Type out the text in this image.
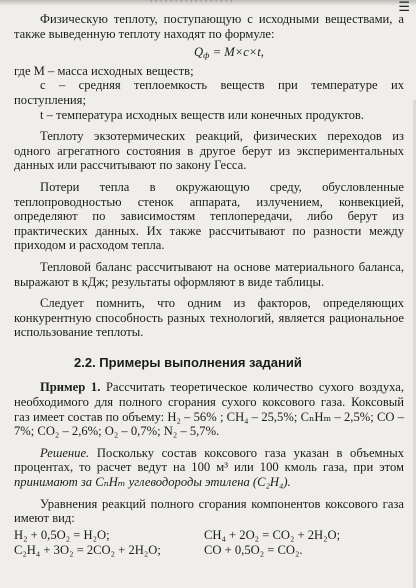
· · · · · · · · · · · · · · · · ·	☰

Физическую теплоту, поступающую с исходными веществами, а также выведенную теплоту находят по формуле:

$Q_ф = M\times c\times t$,

где M – масса исходных веществ;

c – средняя теплоемкость веществ при температуре их поступления;

t – температура исходных веществ или конечных продуктов.

Теплоту экзотермических реакций, физических переходов из одного агрегатного состояния в другое берут из экспериментальных данных или рассчитывают по закону Гесса.

Потери тепла в окружающую среду, обусловленные теплопроводностью стенок аппарата, излучением, конвекцией, определяют по зависимостям теплопередачи, либо берут из практических данных. Их также рассчитывают по разности между приходом и расходом тепла.

Тепловой баланс рассчитывают на основе материального баланса, выражают в кДж; результаты оформляют в виде таблицы.

Следует помнить, что одним из факторов, определяющих конкурентную способность разных технологий, является рациональное использование теплоты.

2.2. Примеры выполнения заданий

Пример 1. Рассчитать теоретическое количество сухого воздуха, необходимого для полного сгорания сухого коксового газа. Коксовый газ имеет состав по объему: H₂ – 56% ; CH₄ – 25,5%; CₙHₘ – 2,5%; CO – 7%; CO₂ – 2,6%; O₂ – 0,7%; N₂ – 5,7%.

Решение. Поскольку состав коксового газа указан в объемных процентах, то расчет ведут на 100 м³ или 100 кмоль газа, при этом принимают за CₙHₘ углеводороды этилена (C₂H₄).

Уравнения реакций полного сгорания компонентов коксового газа имеют вид:

H₂ + 0,5O₂ = H₂O;	CH₄ + 2O₂ = CO₂ + 2H₂O;
C₂H₄ + 3O₂ = 2CO₂ + 2H₂O;	CO + 0,5O₂ = CO₂.
